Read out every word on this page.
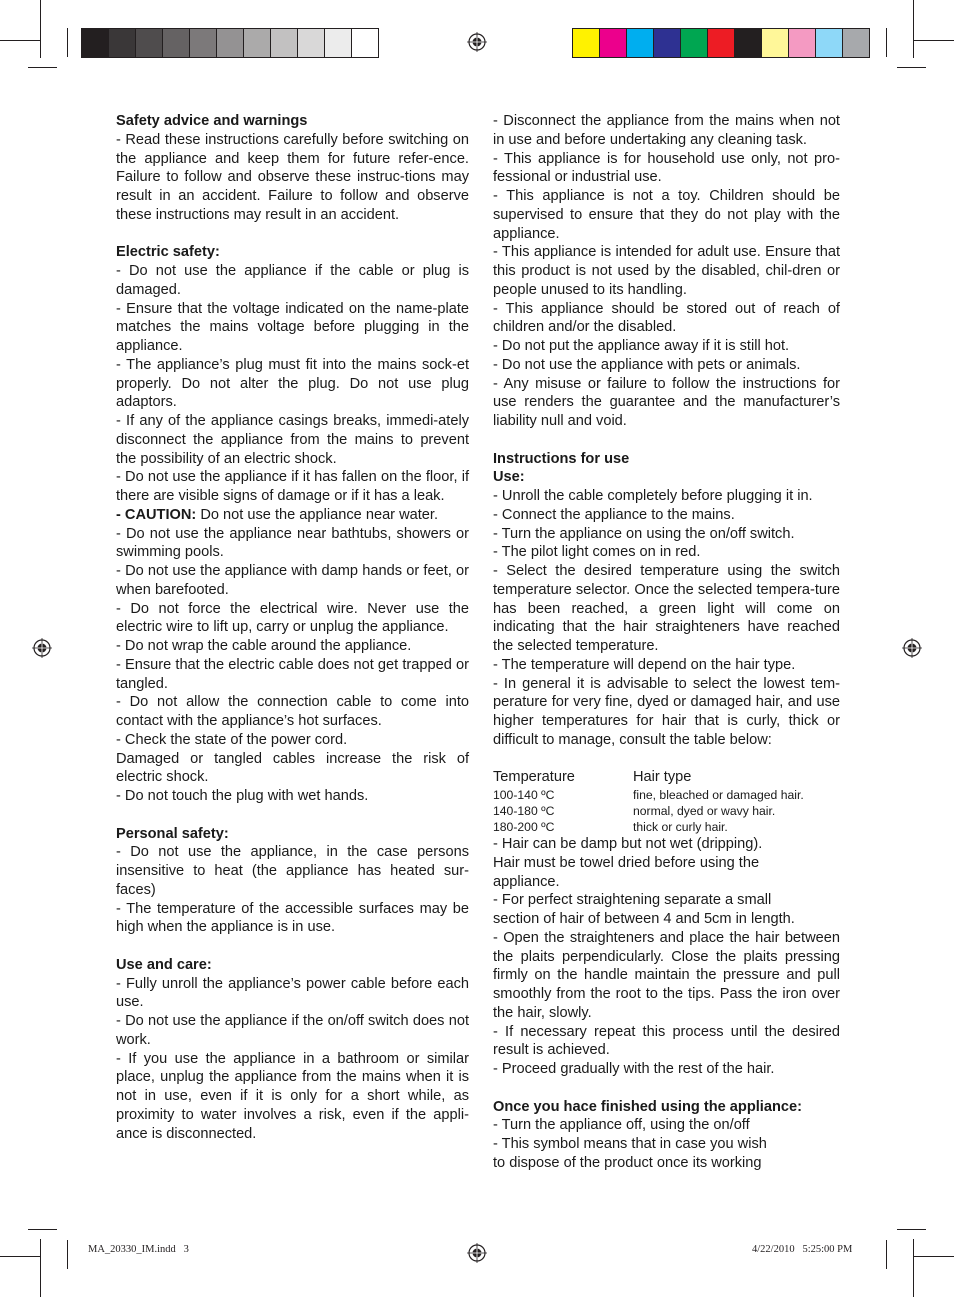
Safety advice and warnings

- Read these instructions carefully before switching on the appliance and keep them for future refer-ence. Failure to follow and observe these instruc-tions may result in an accident. Failure to follow and observe these instructions may result in an accident.

Electric safety:

- Do not use the appliance if the cable or plug is damaged.

- Ensure that the voltage indicated on the name-plate matches the mains voltage before plugging in the appliance.

- The appliance’s plug must fit into the mains sock-et properly. Do not alter the plug. Do not use plug adaptors.

- If any of the appliance casings breaks, immedi-ately disconnect the appliance from the mains to prevent the possibility of an electric shock.

- Do not use the appliance if it has fallen on the floor, if there are visible signs of damage or if it has a leak.

- CAUTION: Do not use the appliance near water.

- Do not use the appliance near bathtubs, showers or swimming pools.

- Do not use the appliance with damp hands or feet, or when barefooted.

- Do not force the electrical wire. Never use the electric wire to lift up, carry or unplug the appliance.

- Do not wrap the cable around the appliance.

- Ensure that the electric cable does not get trapped or tangled.

- Do not allow the connection cable to come into contact with the appliance’s hot surfaces.

- Check the state of the power cord.

Damaged or tangled cables increase the risk of electric shock.

- Do not touch the plug with wet hands.

Personal safety:

- Do not use the appliance, in the case persons insensitive to heat (the appliance has heated sur-faces)

- The temperature of the accessible surfaces may be high when the appliance is in use.

Use and care:

- Fully unroll the appliance’s power cable before each use.

- Do not use the appliance if the on/off switch does not work.

- If you use the appliance in a bathroom or similar place, unplug the appliance from the mains when it is not in use, even if it is only for a short while, as proximity to water involves a risk, even if the appli-ance is disconnected.

- Disconnect the appliance from the mains when not in use and before undertaking any cleaning task.

- This appliance is for household use only, not pro-fessional or industrial use.

- This appliance is not a toy. Children should be supervised to ensure that they do not play with the appliance.

- This appliance is intended for adult use. Ensure that this product is not used by the disabled, chil-dren or people unused to its handling.

- This appliance should be stored out of reach of children and/or the disabled.

- Do not put the appliance away if it is still hot.

- Do not use the appliance with pets or animals.

- Any misuse or failure to follow the instructions for use renders the guarantee and the manufacturer’s liability null and void.

Instructions for use

Use:

- Unroll the cable completely before plugging it in.

- Connect the appliance to the mains.

- Turn the appliance on using the on/off switch.

- The pilot light comes on in red.

- Select the desired temperature using the switch temperature selector. Once the selected tempera-ture has been reached, a green light will come on indicating that the hair straighteners have reached the selected temperature.

- The temperature will depend on the hair type.

- In general it is advisable to select the lowest tem-perature for very fine, dyed or damaged hair, and use higher temperatures for hair that is curly, thick or difficult to manage, consult the table below:

Temperature	Hair type
100-140 ºC	fine, bleached or damaged hair.
140-180 ºC	normal, dyed or wavy hair.
180-200 ºC	thick or curly hair.

- Hair can be damp but not wet (dripping).

Hair must be towel dried before using the appliance.

- For perfect straightening separate a small section of hair of between 4 and 5cm in length.

- Open the straighteners and place the hair between the plaits perpendicularly. Close the plaits pressing firmly on the handle maintain the pressure and pull smoothly from the root to the tips. Pass the iron over the hair, slowly.

- If necessary repeat this process until the desired result is achieved.

- Proceed gradually with the rest of the hair.

Once you hace finished using the appliance:

- Turn the appliance off, using the on/off

- This symbol means that in case you wish

to dispose of the product once its working

MA_20330_IM.indd   3	4/22/2010   5:25:00 PM
